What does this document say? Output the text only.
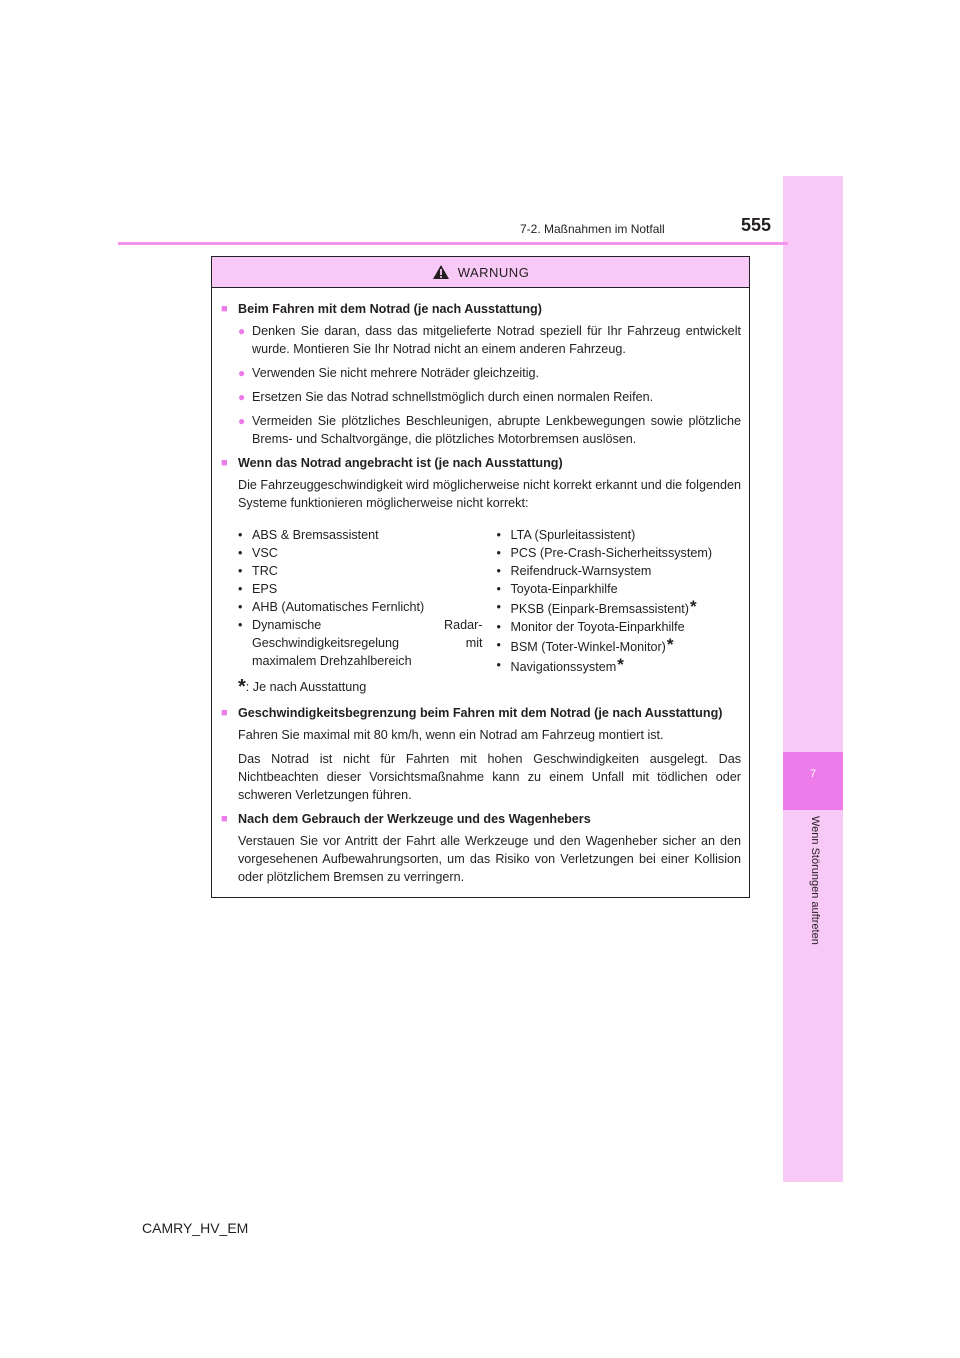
7
Wenn Störungen auftreten
7-2. Maßnahmen im Notfall	555
WARNUNG
■ Beim Fahren mit dem Notrad (je nach Ausstattung)
● Denken Sie daran, dass das mitgelieferte Notrad speziell für Ihr Fahrzeug entwickelt wurde. Montieren Sie Ihr Notrad nicht an einem anderen Fahrzeug.
● Verwenden Sie nicht mehrere Noträder gleichzeitig.
● Ersetzen Sie das Notrad schnellstmöglich durch einen normalen Reifen.
● Vermeiden Sie plötzliches Beschleunigen, abrupte Lenkbewegungen sowie plötzliche Brems- und Schaltvorgänge, die plötzliches Motorbremsen auslösen.
■ Wenn das Notrad angebracht ist (je nach Ausstattung)
Die Fahrzeuggeschwindigkeit wird möglicherweise nicht korrekt erkannt und die folgenden Systeme funktionieren möglicherweise nicht korrekt:
• ABS & Bremsassistent
• VSC
• TRC
• EPS
• AHB (Automatisches Fernlicht)
• Dynamische Radar-Geschwindigkeitsregelung mit maximalem Drehzahlbereich
• LTA (Spurleitassistent)
• PCS (Pre-Crash-Sicherheitssystem)
• Reifendruck-Warnsystem
• Toyota-Einparkhilfe
• PKSB (Einpark-Bremsassistent)*
• Monitor der Toyota-Einparkhilfe
• BSM (Toter-Winkel-Monitor)*
• Navigationssystem*
*: Je nach Ausstattung
■ Geschwindigkeitsbegrenzung beim Fahren mit dem Notrad (je nach Ausstattung)
Fahren Sie maximal mit 80 km/h, wenn ein Notrad am Fahrzeug montiert ist.
Das Notrad ist nicht für Fahrten mit hohen Geschwindigkeiten ausgelegt. Das Nichtbeachten dieser Vorsichtsmaßnahme kann zu einem Unfall mit tödlichen oder schweren Verletzungen führen.
■ Nach dem Gebrauch der Werkzeuge und des Wagenhebers
Verstauen Sie vor Antritt der Fahrt alle Werkzeuge und den Wagenheber sicher an den vorgesehenen Aufbewahrungsorten, um das Risiko von Verletzungen bei einer Kollision oder plötzlichem Bremsen zu verringern.
CAMRY_HV_EM
